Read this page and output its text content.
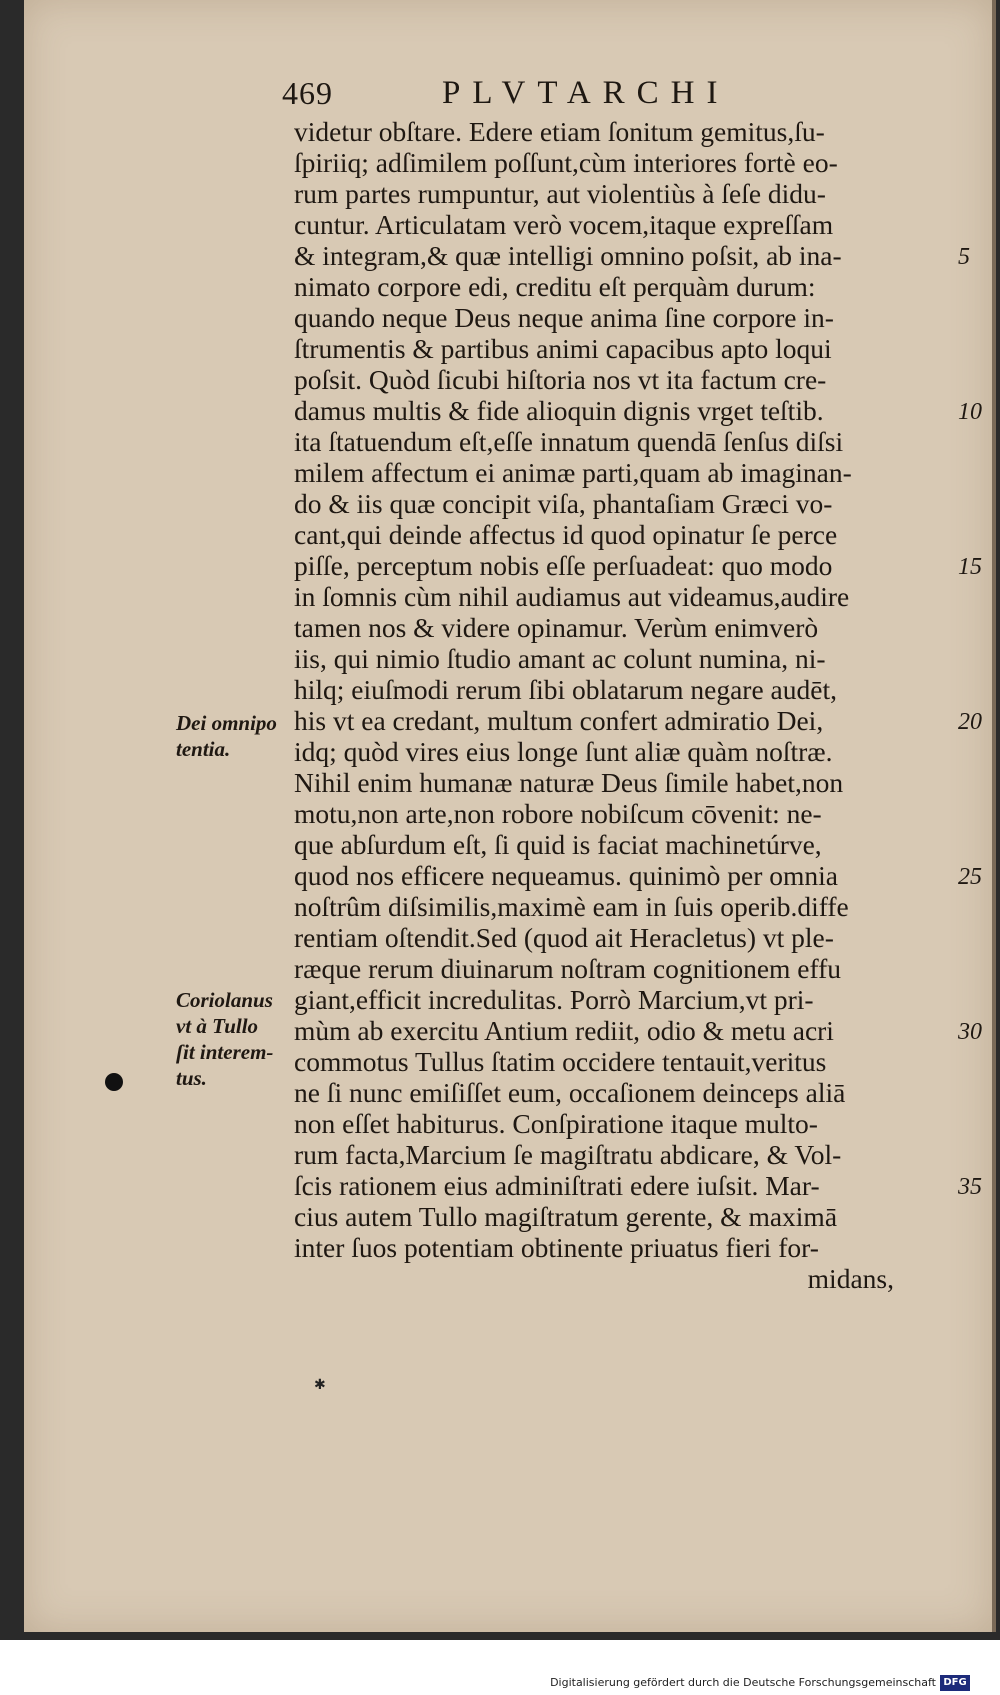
469	PLVTARCHI
videtur obſtare. Edere etiam ſonitum gemitus,ſu-
ſpiriiq; adſimilem poſſunt,cùm interiores fortè eo-
rum partes rumpuntur, aut violentiùs à ſeſe didu-
cuntur. Articulatam verò vocem,itaque expreſſam
& integram,& quæ intelligi omnino poſsit, ab ina-
nimato corpore edi, creditu eſt perquàm durum:
quando neque Deus neque anima ſine corpore in-
ſtrumentis & partibus animi capacibus apto loqui
poſsit. Quòd ſicubi hiſtoria nos vt ita factum cre-
damus multis & fide alioquin dignis vrget teſtib.
ita ſtatuendum eſt,eſſe innatum quendā ſenſus diſsi
milem affectum ei animæ parti,quam ab imaginan-
do & iis quæ concipit viſa, phantaſiam Græci vo-
cant,qui deinde affectus id quod opinatur ſe perce
piſſe, perceptum nobis eſſe perſuadeat: quo modo
in ſomnis cùm nihil audiamus aut videamus,audire
tamen nos & videre opinamur. Verùm enimverò
iis, qui nimio ſtudio amant ac colunt numina, ni-
hilq; eiuſmodi rerum ſibi oblatarum negare audēt,
his vt ea credant, multum confert admiratio Dei,
idq; quòd vires eius longe ſunt aliæ quàm noſtræ.
Nihil enim humanæ naturæ Deus ſimile habet,non
motu,non arte,non robore nobiſcum cōvenit: ne-
que abſurdum eſt, ſi quid is faciat machinetúrve,
quod nos efficere nequeamus. quinimò per omnia
noſtrûm diſsimilis,maximè eam in ſuis operib.diffe
rentiam oſtendit.Sed (quod ait Heracletus) vt ple-
ræque rerum diuinarum noſtram cognitionem effu
giant,efficit incredulitas. Porrò Marcium,vt pri-
mùm ab exercitu Antium rediit, odio & metu acri
commotus Tullus ſtatim occidere tentauit,veritus
ne ſi nunc emiſiſſet eum, occaſionem deinceps aliā
non eſſet habiturus. Conſpiratione itaque multo-
rum facta,Marcium ſe magiſtratu abdicare, & Vol-
ſcis rationem eius adminiſtrati edere iuſsit. Mar-
cius autem Tullo magiſtratum gerente, & maximā
inter ſuos potentiam obtinente priuatus fieri for-
midans,
5
10
15
20
25
30
35
Dei omnipo
tentia.
Coriolanus
vt à Tullo
ſit interem-
tus.
✱
Digitalisierung gefördert durch die Deutsche Forschungsgemeinschaft DFG
